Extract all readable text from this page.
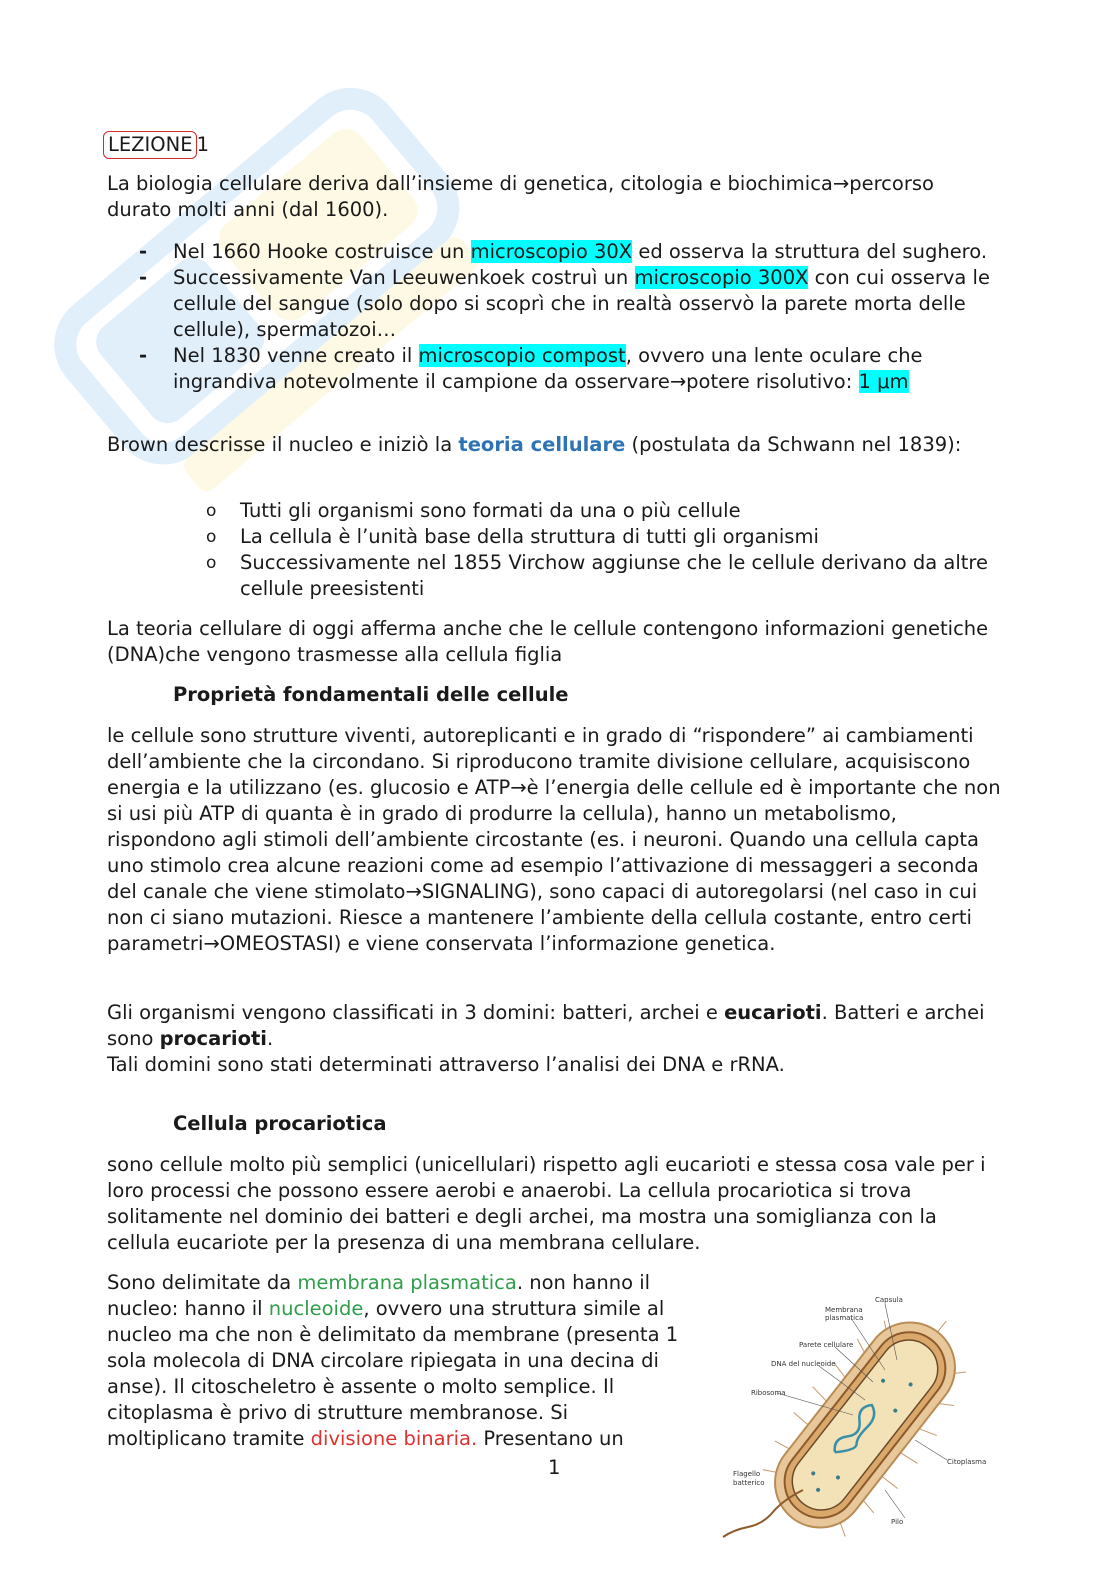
LEZIONE 1

La biologia cellulare deriva dall’insieme di genetica, citologia e biochimica→percorso durato molti anni (dal 1600).

- Nel 1660 Hooke costruisce un microscopio 30X ed osserva la struttura del sughero.
- Successivamente Van Leeuwenkoek costruì un microscopio 300X con cui osserva le cellule del sangue (solo dopo si scoprì che in realtà osservò la parete morta delle cellule), spermatozoi…
- Nel 1830 venne creato il microscopio compost, ovvero una lente oculare che ingrandiva notevolmente il campione da osservare→potere risolutivo: 1 μm

Brown descrisse il nucleo e iniziò la teoria cellulare (postulata da Schwann nel 1839):

o Tutti gli organismi sono formati da una o più cellule
o La cellula è l’unità base della struttura di tutti gli organismi
o Successivamente nel 1855 Virchow aggiunse che le cellule derivano da altre cellule preesistenti

La teoria cellulare di oggi afferma anche che le cellule contengono informazioni genetiche (DNA)che vengono trasmesse alla cellula figlia

Proprietà fondamentali delle cellule

le cellule sono strutture viventi, autoreplicanti e in grado di “rispondere” ai cambiamenti dell’ambiente che la circondano. Si riproducono tramite divisione cellulare, acquisiscono energia e la utilizzano (es. glucosio e ATP→è l’energia delle cellule ed è importante che non si usi più ATP di quanta è in grado di produrre la cellula), hanno un metabolismo, rispondono agli stimoli dell’ambiente circostante (es. i neuroni. Quando una cellula capta uno stimolo crea alcune reazioni come ad esempio l’attivazione di messaggeri a seconda del canale che viene stimolato→SIGNALING), sono capaci di autoregolarsi (nel caso in cui non ci siano mutazioni. Riesce a mantenere l’ambiente della cellula costante, entro certi parametri→OMEOSTASI) e viene conservata l’informazione genetica.

Gli organismi vengono classificati in 3 domini: batteri, archei e eucarioti. Batteri e archei sono procarioti.
Tali domini sono stati determinati attraverso l’analisi dei DNA e rRNA.

Cellula procariotica

sono cellule molto più semplici (unicellulari) rispetto agli eucarioti e stessa cosa vale per i loro processi che possono essere aerobi e anaerobi. La cellula procariotica si trova solitamente nel dominio dei batteri e degli archei, ma mostra una somiglianza con la cellula eucariote per la presenza di una membrana cellulare.

Sono delimitate da membrana plasmatica. non hanno il nucleo: hanno il nucleoide, ovvero una struttura simile al nucleo ma che non è delimitato da membrane (presenta 1 sola molecola di DNA circolare ripiegata in una decina di anse). Il citoscheletro è assente o molto semplice. Il citoplasma è privo di strutture membranose. Si moltiplicano tramite divisione binaria. Presentano un

1
Capsula
Membrana
plasmatica
Parete cellulare
DNA del nucleoide
Ribosoma
Citoplasma
Flagello
batterico
Pilo
